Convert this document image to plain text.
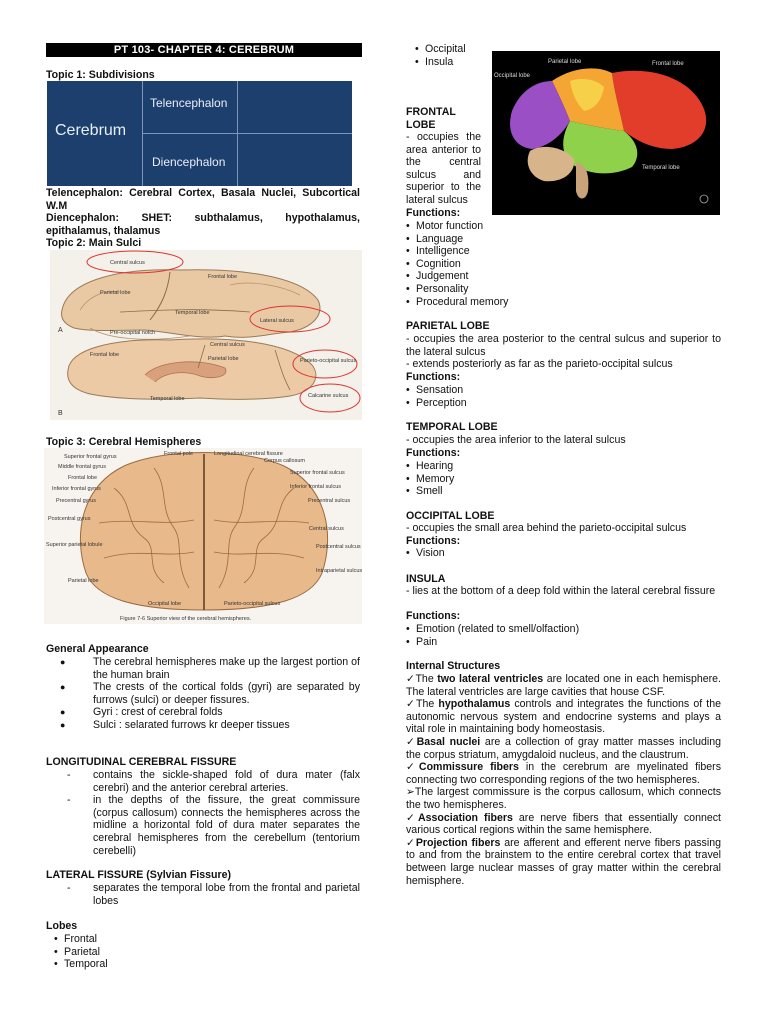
PT 103- CHAPTER 4: CEREBRUM
Topic 1: Subdivisions
Cerebrum
Telencephalon
Diencephalon
Telencephalon: Cerebral Cortex, Basala Nuclei, Subcortical W.M
Diencephalon: SHET: subthalamus, hypothalamus, epithalamus, thalamus
Topic 2: Main Sulci
Central sulcus
Frontal lobe
Parietal lobe
Temporal lobe
Lateral sulcus
Pre-occipital notch
Frontal lobe
Central sulcus
Parietal lobe	Parieto-occipital sulcus
Temporal lobe	Calcarine sulcus
A
B
Topic 3: Cerebral Hemispheres
Frontal pole	Longitudinal cerebral fissure
Corpus callosum
Superior frontal gyrus
Middle frontal gyrus
Frontal lobe
Inferior frontal gyrus
Precentral gyrus
Postcentral gyrus
Superior parietal lobule
Parietal lobe
Occipital lobe	Parieto-occipital sulcus
Superior frontal sulcus
Inferior frontal sulcus
Precentral sulcus
Central sulcus
Postcentral sulcus
Intraparietal sulcus
Figure 7-6 Superior view of the cerebral hemispheres.
General Appearance
● The cerebral hemispheres make up the largest portion of the human brain
● The crests of the cortical folds (gyri) are separated by furrows (sulci) or deeper fissures.
● Gyri : crest of cerebral folds
● Sulci : selarated furrows kr deeper tissues
LONGITUDINAL CEREBRAL FISSURE
- contains the sickle-shaped fold of dura mater (falx cerebri) and the anterior cerebral arteries.
- in the depths of the fissure, the great commissure (corpus callosum) connects the hemispheres across the midline a horizontal fold of dura mater separates the cerebral hemispheres from the cerebellum (tentorium cerebelli)
LATERAL FISSURE (Sylvian Fissure)
- separates the temporal lobe from the frontal and parietal lobes
Lobes
• Frontal
• Parietal
• Temporal
• Occipital
• Insula	Parietal lobe	Frontal lobe
Occipital lobe
Temporal lobe
FRONTAL LOBE
- occupies the area anterior to the central sulcus and superior to the lateral sulcus
Functions:
• Motor function
• Language
• Intelligence
• Cognition
• Judgement
• Personality
• Procedural memory
PARIETAL LOBE
- occupies the area posterior to the central sulcus and superior to the lateral sulcus
- extends posteriorly as far as the parieto-occipital sulcus
Functions:
• Sensation
• Perception
TEMPORAL LOBE
- occupies the area inferior to the lateral sulcus
Functions:
• Hearing
• Memory
• Smell
OCCIPITAL LOBE
- occupies the small area behind the parieto-occipital sulcus
Functions:
• Vision
INSULA
- lies at the bottom of a deep fold within the lateral cerebral fissure
Functions:
• Emotion (related to smell/olfaction)
• Pain
Internal Structures
✓The two lateral ventricles are located one in each hemisphere. The lateral ventricles are large cavities that house CSF.
✓The hypothalamus controls and integrates the functions of the autonomic nervous system and endocrine systems and plays a vital role in maintaining body homeostasis.
✓Basal nuclei are a collection of gray matter masses including the corpus striatum, amygdaloid nucleus, and the claustrum.
✓Commissure fibers in the cerebrum are myelinated fibers connecting two corresponding regions of the two hemispheres.
➢The largest commissure is the corpus callosum, which connects the two hemispheres.
✓Association fibers are nerve fibers that essentially connect various cortical regions within the same hemisphere.
✓Projection fibers are afferent and efferent nerve fibers passing to and from the brainstem to the entire cerebral cortex that travel between large nuclear masses of gray matter within the cerebral hemisphere.
